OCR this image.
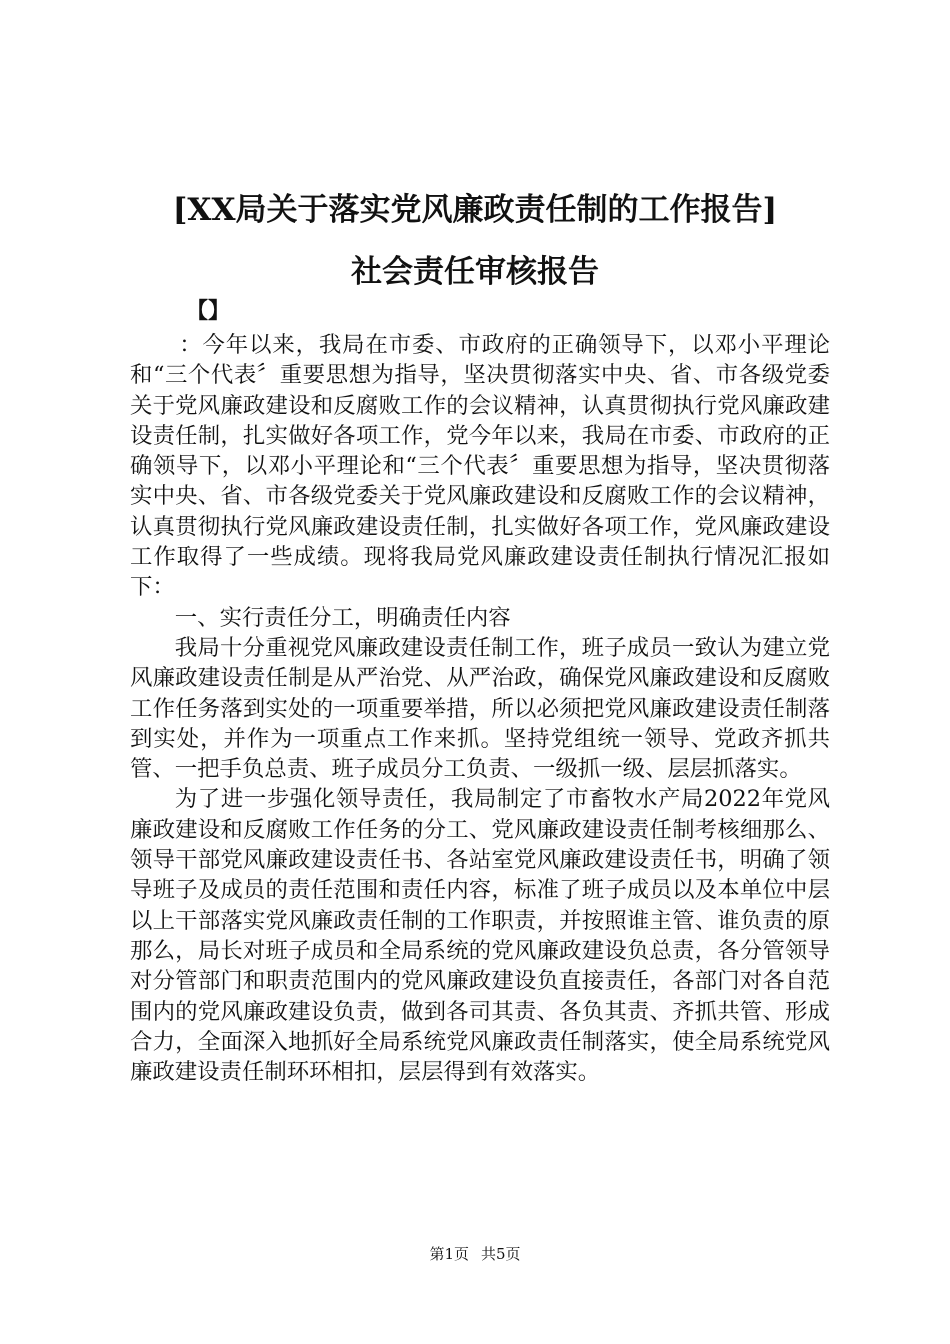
[XX局关于落实党风廉政责任制的工作报告]
社会责任审核报告
【】

：今年以来，我局在市委、市政府的正确领导下，以邓小平理论和“三个代表〞重要思想为指导，坚决贯彻落实中央、省、市各级党委关于党风廉政建设和反腐败工作的会议精神，认真贯彻执行党风廉政建设责任制，扎实做好各项工作，党今年以来，我局在市委、市政府的正确领导下，以邓小平理论和“三个代表〞重要思想为指导，坚决贯彻落实中央、省、市各级党委关于党风廉政建设和反腐败工作的会议精神，认真贯彻执行党风廉政建设责任制，扎实做好各项工作，党风廉政建设工作取得了一些成绩。现将我局党风廉政建设责任制执行情况汇报如下：

一、实行责任分工，明确责任内容

我局十分重视党风廉政建设责任制工作，班子成员一致认为建立党风廉政建设责任制是从严治党、从严治政，确保党风廉政建设和反腐败工作任务落到实处的一项重要举措，所以必须把党风廉政建设责任制落到实处，并作为一项重点工作来抓。坚持党组统一领导、党政齐抓共管、一把手负总责、班子成员分工负责、一级抓一级、层层抓落实。

为了进一步强化领导责任，我局制定了市畜牧水产局2022年党风廉政建设和反腐败工作任务的分工、党风廉政建设责任制考核细那么、领导干部党风廉政建设责任书、各站室党风廉政建设责任书，明确了领导班子及成员的责任范围和责任内容，标准了班子成员以及本单位中层以上干部落实党风廉政责任制的工作职责，并按照谁主管、谁负责的原那么，局长对班子成员和全局系统的党风廉政建设负总责，各分管领导对分管部门和职责范围内的党风廉政建设负直接责任，各部门对各自范围内的党风廉政建设负责，做到各司其责、各负其责、齐抓共管、形成合力，全面深入地抓好全局系统党风廉政责任制落实，使全局系统党风廉政建设责任制环环相扣，层层得到有效落实。

第1页 共5页
